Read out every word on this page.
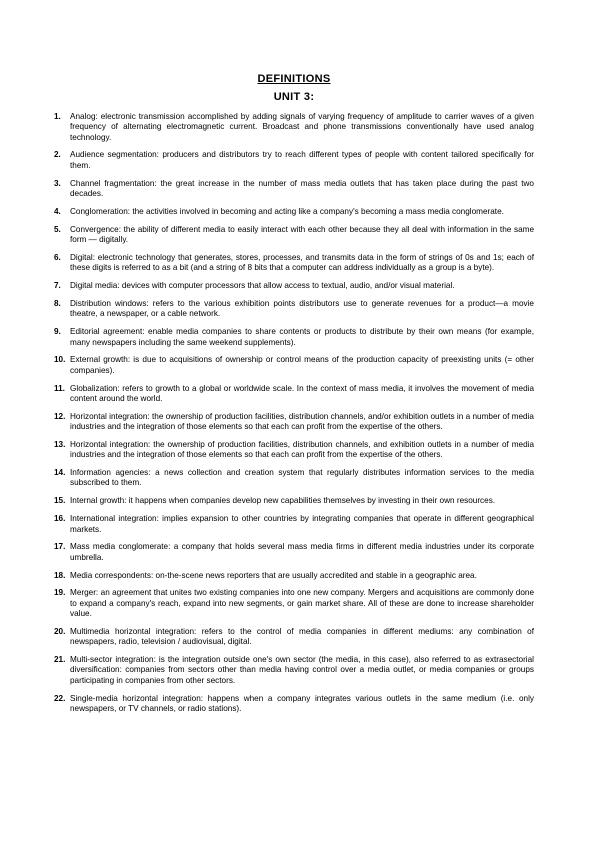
DEFINITIONS
UNIT 3:
1. Analog: electronic transmission accomplished by adding signals of varying frequency of amplitude to carrier waves of a given frequency of alternating electromagnetic current. Broadcast and phone transmissions conventionally have used analog technology.
2. Audience segmentation: producers and distributors try to reach different types of people with content tailored specifically for them.
3. Channel fragmentation: the great increase in the number of mass media outlets that has taken place during the past two decades.
4. Conglomeration: the activities involved in becoming and acting like a company's becoming a mass media conglomerate.
5. Convergence: the ability of different media to easily interact with each other because they all deal with information in the same form — digitally.
6. Digital: electronic technology that generates, stores, processes, and transmits data in the form of strings of 0s and 1s; each of these digits is referred to as a bit (and a string of 8 bits that a computer can address individually as a group is a byte).
7. Digital media: devices with computer processors that allow access to textual, audio, and/or visual material.
8. Distribution windows: refers to the various exhibition points distributors use to generate revenues for a product—a movie theatre, a newspaper, or a cable network.
9. Editorial agreement: enable media companies to share contents or products to distribute by their own means (for example, many newspapers including the same weekend supplements).
10. External growth: is due to acquisitions of ownership or control means of the production capacity of preexisting units (= other companies).
11. Globalization: refers to growth to a global or worldwide scale. In the context of mass media, it involves the movement of media content around the world.
12. Horizontal integration: the ownership of production facilities, distribution channels, and/or exhibition outlets in a number of media industries and the integration of those elements so that each can profit from the expertise of the others.
13. Horizontal integration: the ownership of production facilities, distribution channels, and exhibition outlets in a number of media industries and the integration of those elements so that each can profit from the expertise of the others.
14. Information agencies: a news collection and creation system that regularly distributes information services to the media subscribed to them.
15. Internal growth: it happens when companies develop new capabilities themselves by investing in their own resources.
16. International integration: implies expansion to other countries by integrating companies that operate in different geographical markets.
17. Mass media conglomerate: a company that holds several mass media firms in different media industries under its corporate umbrella.
18. Media correspondents: on-the-scene news reporters that are usually accredited and stable in a geographic area.
19. Merger: an agreement that unites two existing companies into one new company. Mergers and acquisitions are commonly done to expand a company's reach, expand into new segments, or gain market share. All of these are done to increase shareholder value.
20. Multimedia horizontal integration: refers to the control of media companies in different mediums: any combination of newspapers, radio, television / audiovisual, digital.
21. Multi-sector integration: is the integration outside one's own sector (the media, in this case), also referred to as extrasectorial diversification: companies from sectors other than media having control over a media outlet, or media companies or groups participating in companies from other sectors.
22. Single-media horizontal integration: happens when a company integrates various outlets in the same medium (i.e. only newspapers, or TV channels, or radio stations).
